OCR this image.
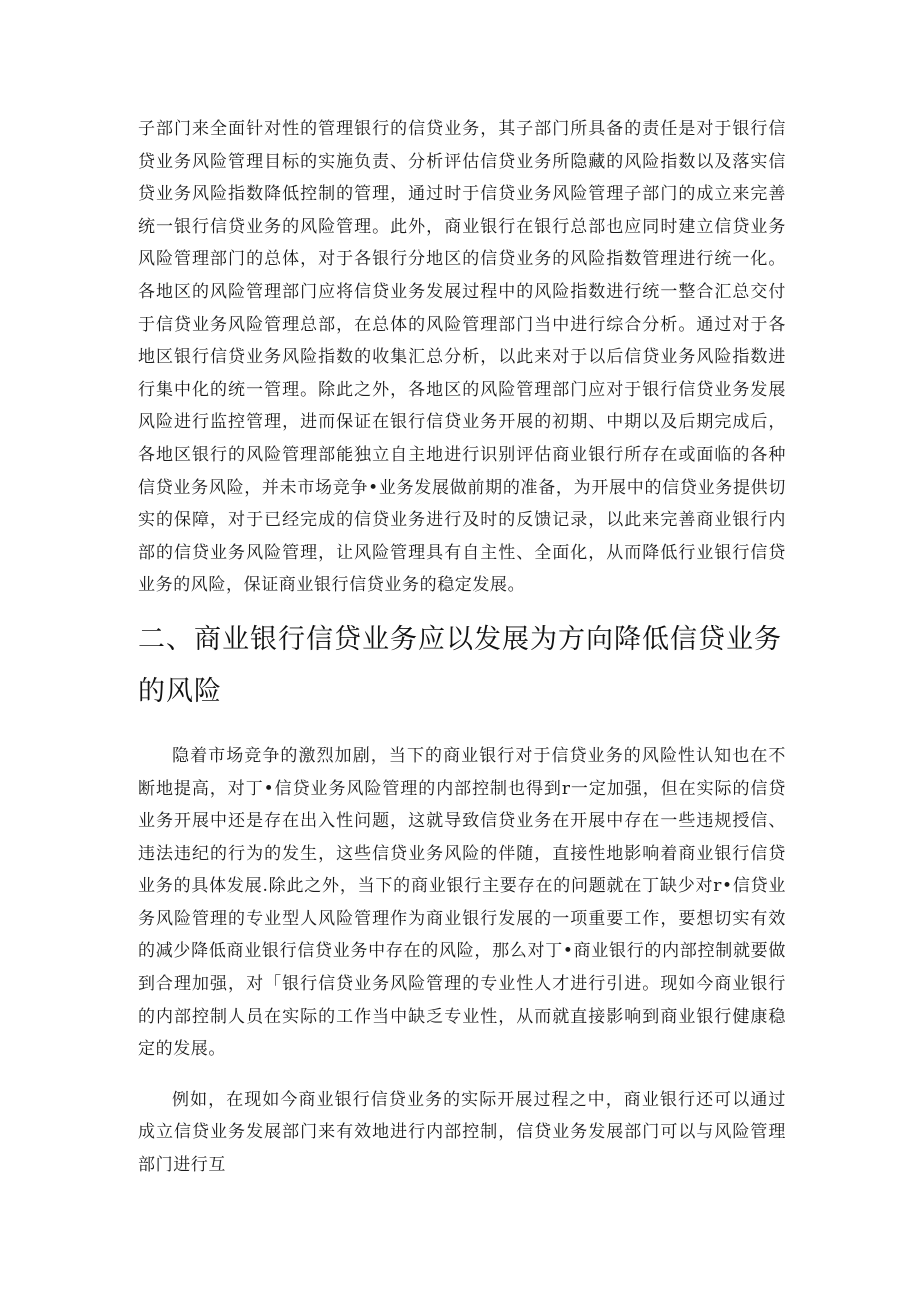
子部门来全面针对性的管理银行的信贷业务，其子部门所具备的责任是对于银行信贷业务风险管理目标的实施负责、分析评估信贷业务所隐藏的风险指数以及落实信贷业务风险指数降低控制的管理，通过时于信贷业务风险管理子部门的成立来完善统一银行信贷业务的风险管理。此外，商业银行在银行总部也应同时建立信贷业务风险管理部门的总体，对于各银行分地区的信贷业务的风险指数管理进行统一化。各地区的风险管理部门应将信贷业务发展过程中的风险指数进行统一整合汇总交付于信贷业务风险管理总部，在总体的风险管理部门当中进行综合分析。通过对于各地区银行信贷业务风险指数的收集汇总分析，以此来对于以后信贷业务风险指数进行集中化的统一管理。除此之外，各地区的风险管理部门应对于银行信贷业务发展风险进行监控管理，进而保证在银行信贷业务开展的初期、中期以及后期完成后，各地区银行的风险管理部能独立自主地进行识别评估商业银行所存在或面临的各种信贷业务风险，并未市场竞争•业务发展做前期的准备，为开展中的信贷业务提供切实的保障，对于已经完成的信贷业务进行及时的反馈记录，以此来完善商业银行内部的信贷业务风险管理，让风险管理具有自主性、全面化，从而降低行业银行信贷业务的风险，保证商业银行信贷业务的稳定发展。

二、商业银行信贷业务应以发展为方向降低信贷业务的风险

隐着市场竞争的激烈加剧，当下的商业银行对于信贷业务的风险性认知也在不断地提高，对丁•信贷业务风险管理的内部控制也得到r一定加强，但在实际的信贷业务开展中还是存在出入性问题，这就导致信贷业务在开展中存在一些违规授信、违法违纪的行为的发生，这些信贷业务风险的伴随，直接性地影响着商业银行信贷业务的具体发展.除此之外，当下的商业银行主要存在的问题就在丁缺少对r•信贷业务风险管理的专业型人风险管理作为商业银行发展的一项重要工作，要想切实有效的减少降低商业银行信贷业务中存在的风险，那么对丁•商业银行的内部控制就要做到合理加强，对「银行信贷业务风险管理的专业性人才进行引进。现如今商业银行的内部控制人员在实际的工作当中缺乏专业性，从而就直接影响到商业银行健康稳定的发展。

例如，在现如今商业银行信贷业务的实际开展过程之中，商业银行还可以通过成立信贷业务发展部门来有效地进行内部控制，信贷业务发展部门可以与风险管理部门进行互
